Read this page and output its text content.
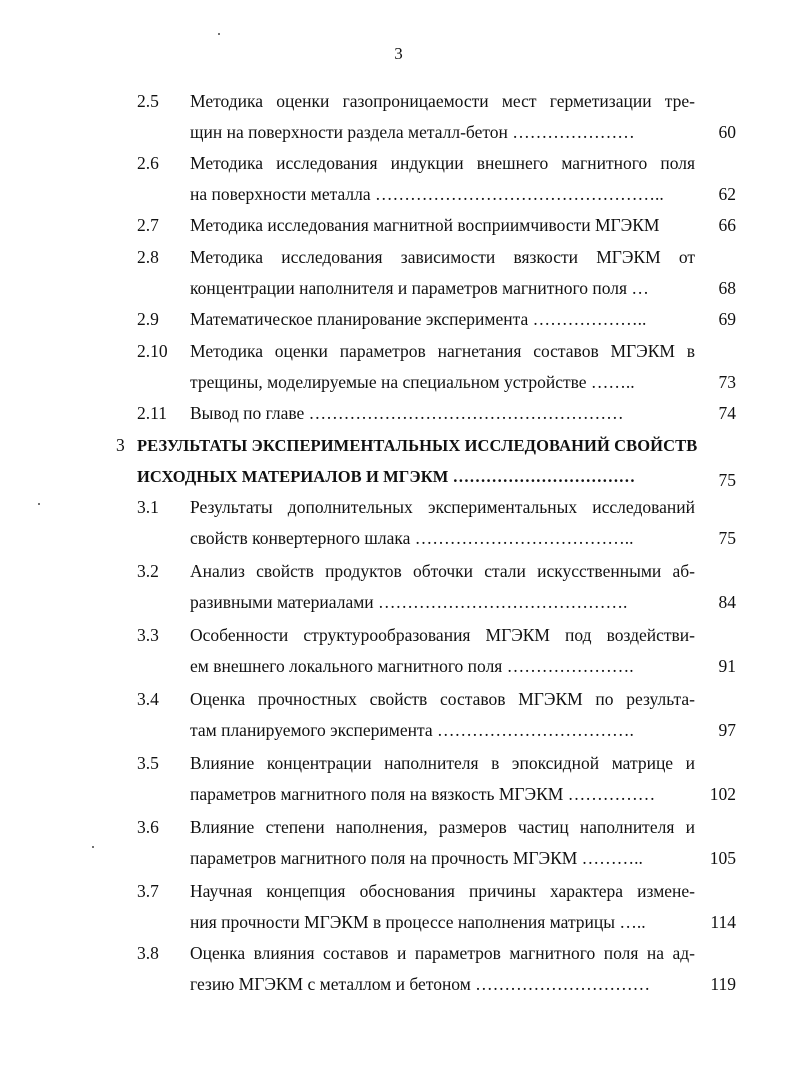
3
2.5 Методика оценки газопроницаемости мест герметизации тре-
щин на поверхности раздела металл-бетон …………………	60
2.6 Методика исследования индукции внешнего магнитного поля
на поверхности металла …………………………………………..	62
2.7 Методика исследования магнитной восприимчивости МГЭКМ	66
2.8 Методика исследования зависимости вязкости МГЭКМ от
концентрации наполнителя и параметров магнитного поля …	68
2.9 Математическое планирование эксперимента ………………..	69
2.10 Методика оценки параметров нагнетания составов МГЭКМ в
трещины, моделируемые на специальном устройстве ……..	73
2.11 Вывод по главе ………………………………………………	74
3 РЕЗУЛЬТАТЫ ЭКСПЕРИМЕНТАЛЬНЫХ ИССЛЕДОВАНИЙ СВОЙСТВ
ИСХОДНЫХ МАТЕРИАЛОВ И МГЭКМ ……………………………	75
3.1 Результаты дополнительных экспериментальных исследований
свойств конвертерного шлака ………………………………..	75
3.2 Анализ свойств продуктов обточки стали искусственными аб-
разивными материалами …………………………………….	84
3.3 Особенности структурообразования МГЭКМ под воздействи-
ем внешнего локального магнитного поля ………………….	91
3.4 Оценка прочностных свойств составов МГЭКМ по результа-
там планируемого эксперимента …………………………….	97
3.5 Влияние концентрации наполнителя в эпоксидной матрице и
параметров магнитного поля на вязкость МГЭКМ ……………	102
3.6 Влияние степени наполнения, размеров частиц наполнителя и
параметров магнитного поля на прочность МГЭКМ ………..	105
3.7 Научная концепция обоснования причины характера измене-
ния прочности МГЭКМ в процессе наполнения матрицы …..	114
3.8 Оценка влияния составов и параметров магнитного поля на ад-
гезию МГЭКМ с металлом и бетоном …………………………	119
